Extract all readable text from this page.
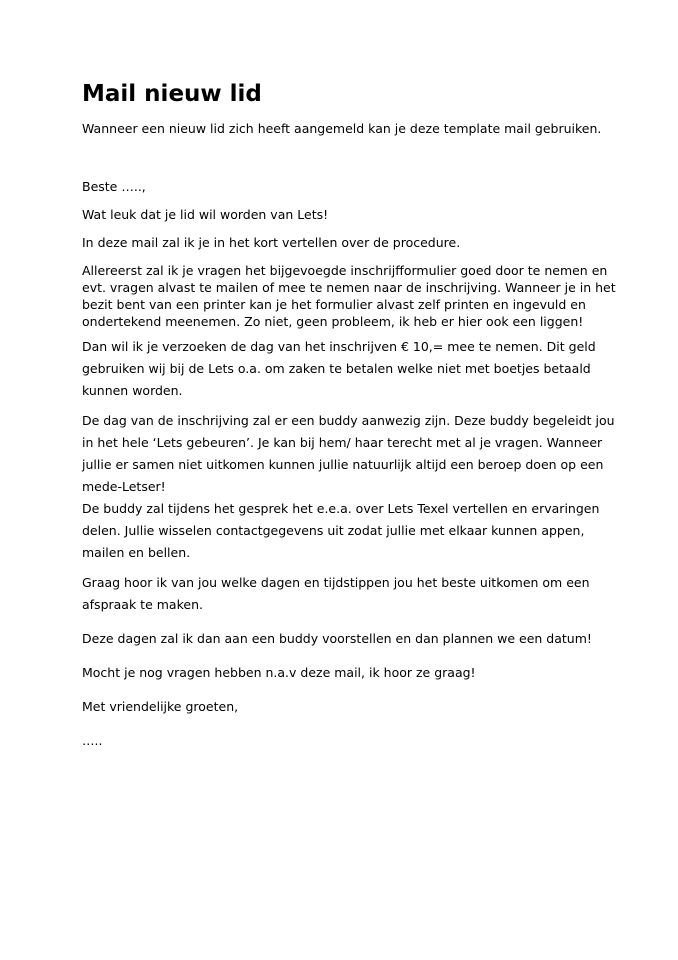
Mail nieuw lid

Wanneer een nieuw lid zich heeft aangemeld kan je deze template mail gebruiken.

Beste …..,

Wat leuk dat je lid wil worden van Lets!

In deze mail zal ik je in het kort vertellen over de procedure.

Allereerst zal ik je vragen het bijgevoegde inschrijfformulier goed door te nemen en evt. vragen alvast te mailen of mee te nemen naar de inschrijving. Wanneer je in het bezit bent van een printer kan je het formulier alvast zelf printen en ingevuld en ondertekend meenemen. Zo niet, geen probleem, ik heb er hier ook een liggen!

Dan wil ik je verzoeken de dag van het inschrijven € 10,= mee te nemen. Dit geld gebruiken wij bij de Lets o.a. om zaken te betalen welke niet met boetjes betaald kunnen worden.

De dag van de inschrijving zal er een buddy aanwezig zijn. Deze buddy begeleidt jou in het hele ‘Lets gebeuren’. Je kan bij hem/ haar terecht met al je vragen. Wanneer jullie er samen niet uitkomen kunnen jullie natuurlijk altijd een beroep doen op een mede-Letser!

De buddy zal tijdens het gesprek het e.e.a. over Lets Texel vertellen en ervaringen delen. Jullie wisselen contactgegevens uit zodat jullie met elkaar kunnen appen, mailen en bellen.

Graag hoor ik van jou welke dagen en tijdstippen jou het beste uitkomen om een afspraak te maken.

Deze dagen zal ik dan aan een buddy voorstellen en dan plannen we een datum!

Mocht je nog vragen hebben n.a.v deze mail, ik hoor ze graag!

Met vriendelijke groeten,

…..
